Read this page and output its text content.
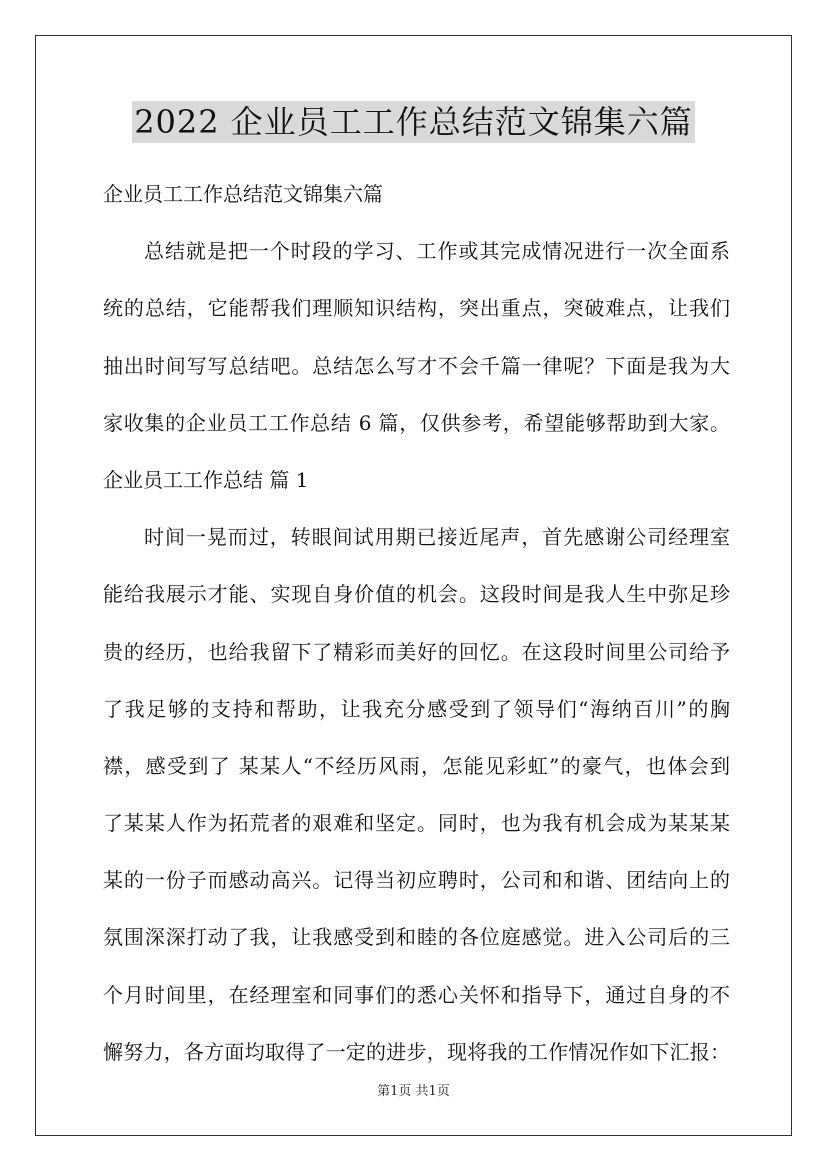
2022 企业员工工作总结范文锦集六篇
企业员工工作总结范文锦集六篇
总结就是把一个时段的学习、工作或其完成情况进行一次全面系
统的总结，它能帮我们理顺知识结构，突出重点，突破难点，让我们
抽出时间写写总结吧。总结怎么写才不会千篇一律呢？下面是我为大
家收集的企业员工工作总结 6 篇，仅供参考，希望能够帮助到大家。
企业员工工作总结 篇 1
时间一晃而过，转眼间试用期已接近尾声，首先感谢公司经理室
能给我展示才能、实现自身价值的机会。这段时间是我人生中弥足珍
贵的经历，也给我留下了精彩而美好的回忆。在这段时间里公司给予
了我足够的支持和帮助，让我充分感受到了领导们“海纳百川”的胸
襟，感受到了 某某人“不经历风雨，怎能见彩虹”的豪气，也体会到
了某某人作为拓荒者的艰难和坚定。同时，也为我有机会成为某某某
某的一份子而感动高兴。记得当初应聘时，公司和和谐、团结向上的
氛围深深打动了我，让我感受到和睦的各位庭感觉。进入公司后的三
个月时间里，在经理室和同事们的悉心关怀和指导下，通过自身的不
懈努力，各方面均取得了一定的进步，现将我的工作情况作如下汇报：
第1页 共1页
